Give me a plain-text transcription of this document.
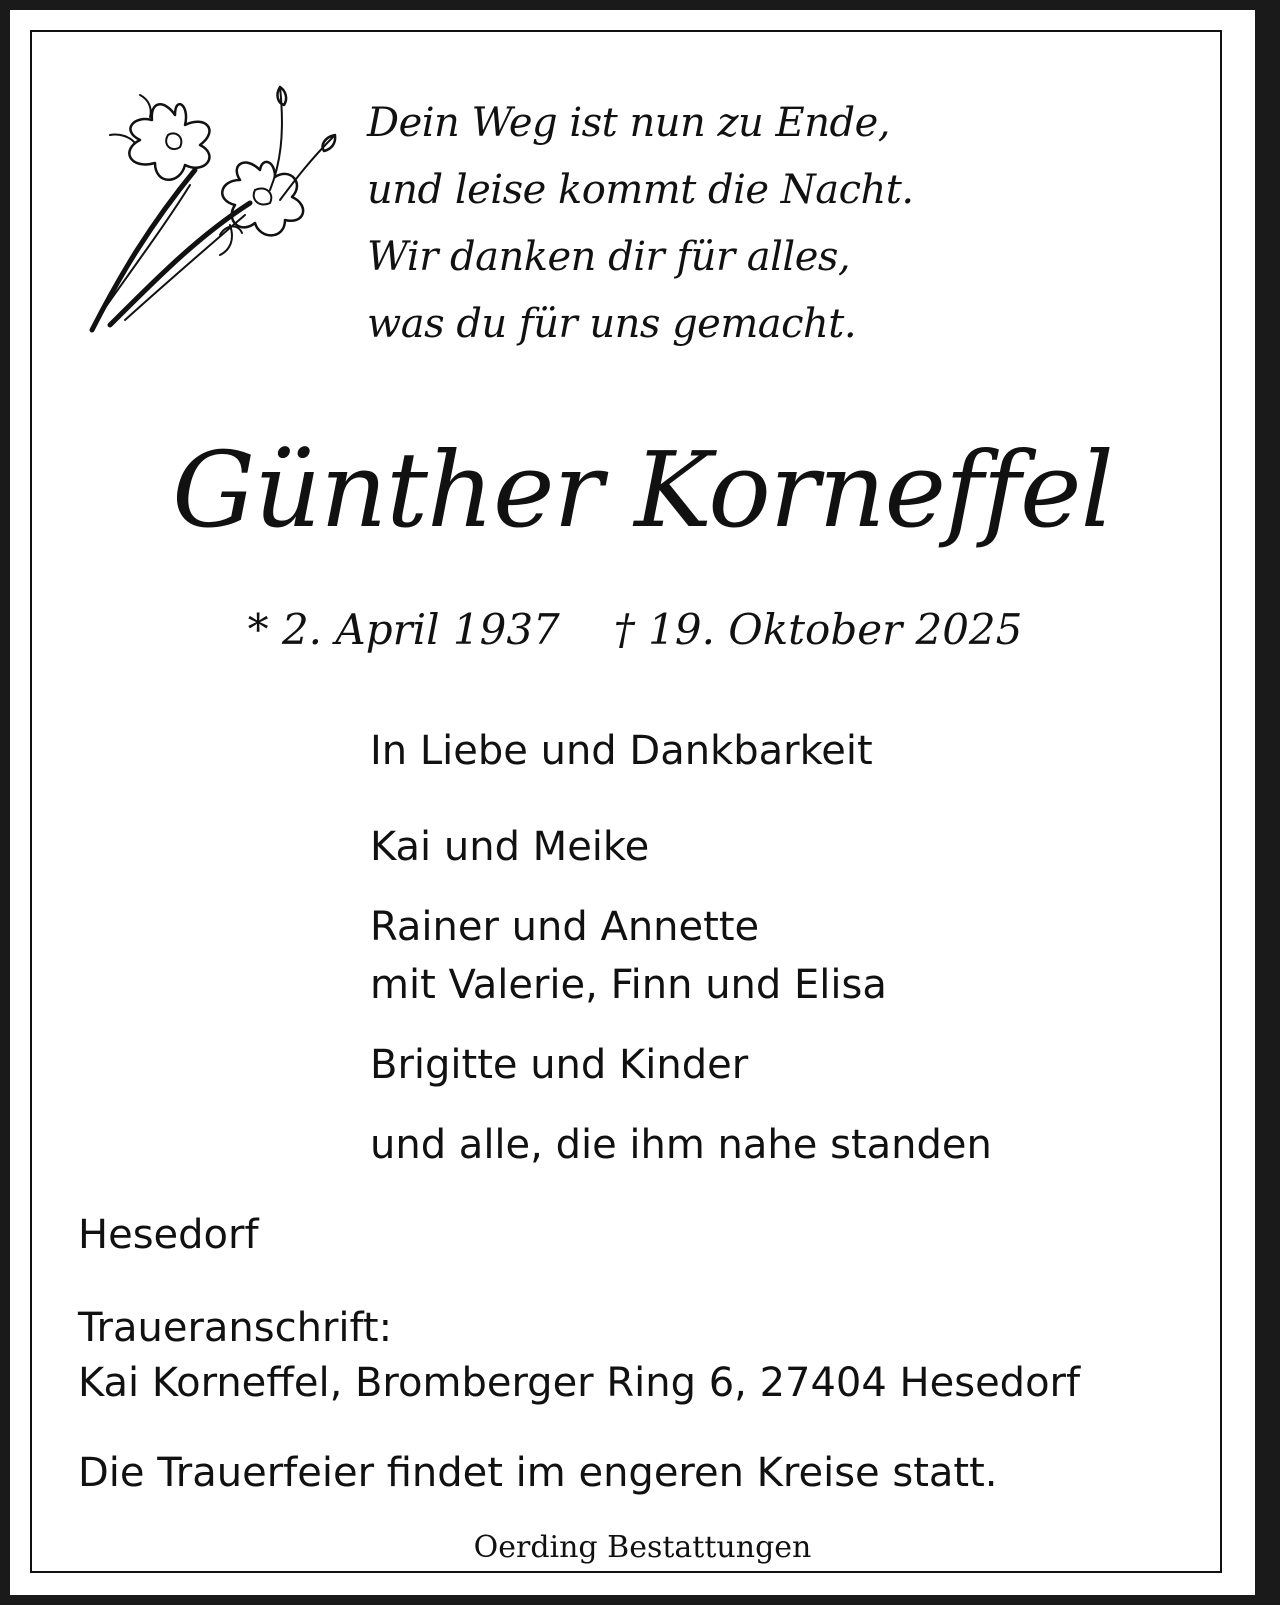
Dein Weg ist nun zu Ende,
und leise kommt die Nacht.
Wir danken dir für alles,
was du für uns gemacht.
Günther Korneffel
* 2. April 1937 † 19. Oktober 2025
In Liebe und Dankbarkeit
Kai und Meike
Rainer und Annette
mit Valerie, Finn und Elisa
Brigitte und Kinder
und alle, die ihm nahe standen
Hesedorf
Traueranschrift:
Kai Korneffel, Bromberger Ring 6, 27404 Hesedorf
Die Trauerfeier findet im engeren Kreise statt.
Oerding Bestattungen
